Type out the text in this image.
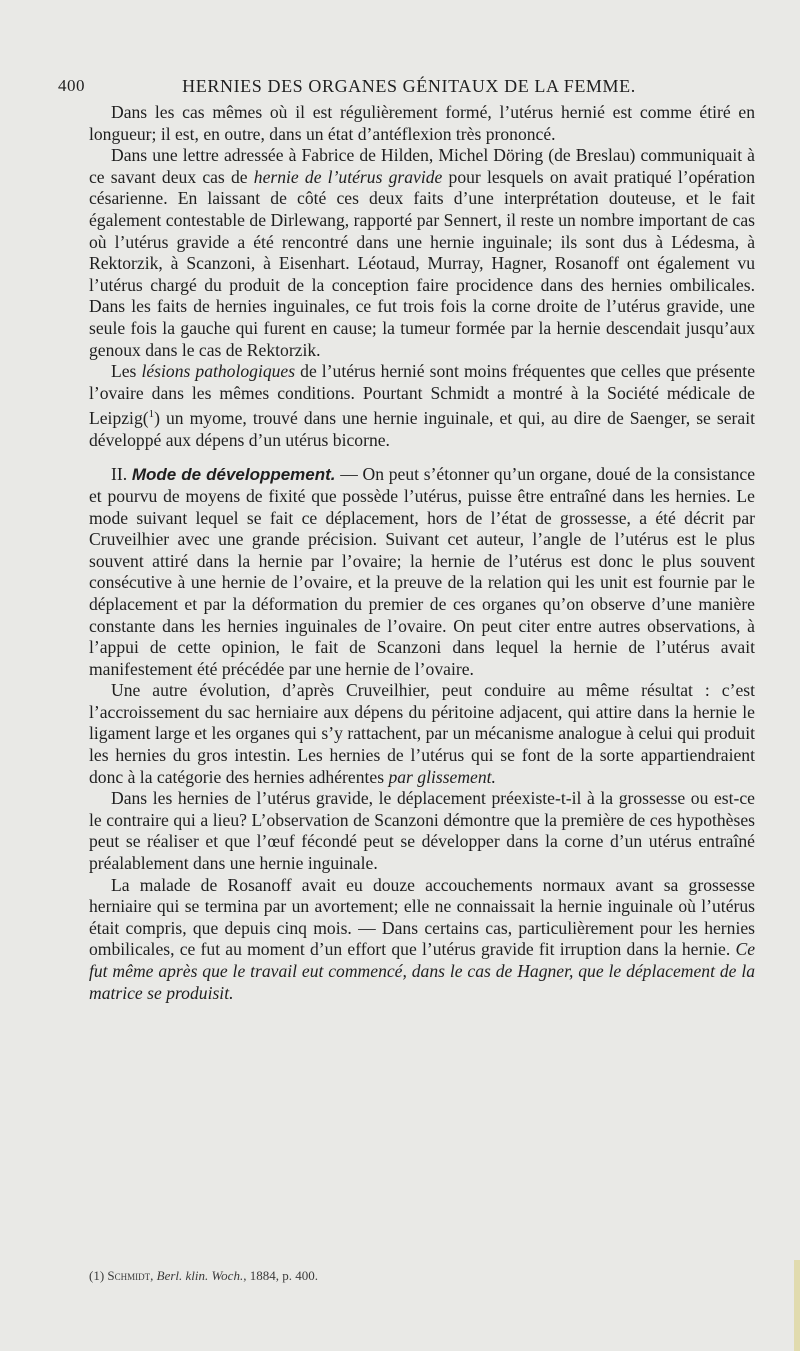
400	HERNIES DES ORGANES GÉNITAUX DE LA FEMME.

Dans les cas mêmes où il est régulièrement formé, l’utérus hernié est comme étiré en longueur; il est, en outre, dans un état d’antéflexion très prononcé.

Dans une lettre adressée à Fabrice de Hilden, Michel Döring (de Breslau) communiquait à ce savant deux cas de hernie de l’utérus gravide pour lesquels on avait pratiqué l’opération césarienne. En laissant de côté ces deux faits d’une interprétation douteuse, et le fait également contestable de Dirlewang, rapporté par Sennert, il reste un nombre important de cas où l’utérus gravide a été rencontré dans une hernie inguinale; ils sont dus à Lédesma, à Rektorzik, à Scanzoni, à Eisenhart. Léotaud, Murray, Hagner, Rosanoff ont également vu l’utérus chargé du produit de la conception faire procidence dans des hernies ombilicales. Dans les faits de hernies inguinales, ce fut trois fois la corne droite de l’utérus gravide, une seule fois la gauche qui furent en cause; la tumeur formée par la hernie descendait jusqu’aux genoux dans le cas de Rektorzik.

Les lésions pathologiques de l’utérus hernié sont moins fréquentes que celles que présente l’ovaire dans les mêmes conditions. Pourtant Schmidt a montré à la Société médicale de Leipzig($^1$) un myome, trouvé dans une hernie inguinale, et qui, au dire de Saenger, se serait développé aux dépens d’un utérus bicorne.

II. Mode de développement. — On peut s’étonner qu’un organe, doué de la consistance et pourvu de moyens de fixité que possède l’utérus, puisse être entraîné dans les hernies. Le mode suivant lequel se fait ce déplacement, hors de l’état de grossesse, a été décrit par Cruveilhier avec une grande précision. Suivant cet auteur, l’angle de l’utérus est le plus souvent attiré dans la hernie par l’ovaire; la hernie de l’utérus est donc le plus souvent consécutive à une hernie de l’ovaire, et la preuve de la relation qui les unit est fournie par le déplacement et par la déformation du premier de ces organes qu’on observe d’une manière constante dans les hernies inguinales de l’ovaire. On peut citer entre autres observations, à l’appui de cette opinion, le fait de Scanzoni dans lequel la hernie de l’utérus avait manifestement été précédée par une hernie de l’ovaire.

Une autre évolution, d’après Cruveilhier, peut conduire au même résultat : c’est l’accroissement du sac herniaire aux dépens du péritoine adjacent, qui attire dans la hernie le ligament large et les organes qui s’y rattachent, par un mécanisme analogue à celui qui produit les hernies du gros intestin. Les hernies de l’utérus qui se font de la sorte appartiendraient donc à la catégorie des hernies adhérentes par glissement.

Dans les hernies de l’utérus gravide, le déplacement préexiste-t-il à la grossesse ou est-ce le contraire qui a lieu? L’observation de Scanzoni démontre que la première de ces hypothèses peut se réaliser et que l’œuf fécondé peut se développer dans la corne d’un utérus entraîné préalablement dans une hernie inguinale.

La malade de Rosanoff avait eu douze accouchements normaux avant sa grossesse herniaire qui se termina par un avortement; elle ne connaissait la hernie inguinale où l’utérus était compris, que depuis cinq mois. — Dans certains cas, particulièrement pour les hernies ombilicales, ce fut au moment d’un effort que l’utérus gravide fit irruption dans la hernie. Ce fut même après que le travail eut commencé, dans le cas de Hagner, que le déplacement de la matrice se produisit.

(1) Schmidt, Berl. klin. Woch., 1884, p. 400.
